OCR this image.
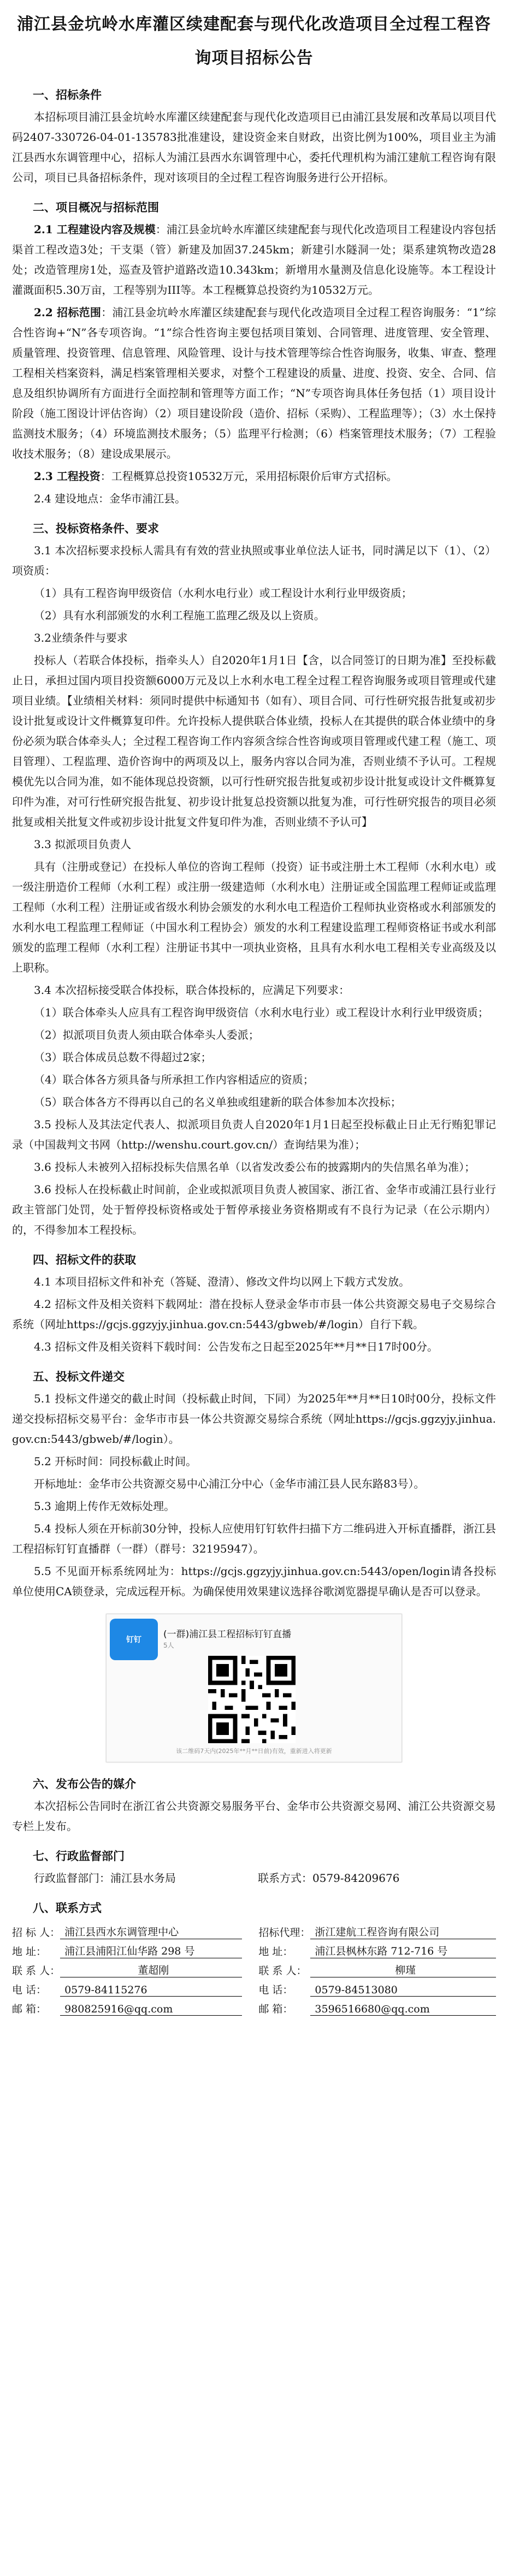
浦江县金坑岭水库灌区续建配套与现代化改造项目全过程工程咨询项目招标公告
一、招标条件

本招标项目浦江县金坑岭水库灌区续建配套与现代化改造项目已由浦江县发展和改革局以项目代码2407-330726-04-01-135783批准建设，建设资金来自财政，出资比例为100%，项目业主为浦江县西水东调管理中心，招标人为浦江县西水东调管理中心，委托代理机构为浦江建航工程咨询有限公司，项目已具备招标条件，现对该项目的全过程工程咨询服务进行公开招标。

二、项目概况与招标范围

2.1 工程建设内容及规模：浦江县金坑岭水库灌区续建配套与现代化改造项目工程建设内容包括渠首工程改造3处；干支渠（管）新建及加固37.245km；新建引水隧洞一处；渠系建筑物改造28处；改造管理房1处，巡查及管护道路改造10.343km；新增用水量测及信息化设施等。本工程设计灌溉面积5.30万亩，工程等别为III等。本工程概算总投资约为10532万元。

2.2 招标范围：浦江县金坑岭水库灌区续建配套与现代化改造项目全过程工程咨询服务：“1”综合性咨询+“N”各专项咨询。“1”综合性咨询主要包括项目策划、合同管理、进度管理、安全管理、质量管理、投资管理、信息管理、风险管理、设计与技术管理等综合性咨询服务，收集、审查、整理工程相关档案资料，满足档案管理相关要求，对整个工程建设的质量、进度、投资、安全、合同、信息及组织协调所有方面进行全面控制和管理等方面工作；“N”专项咨询具体任务包括（1）项目设计阶段（施工图设计评估咨询）（2）项目建设阶段（造价、招标（采购）、工程监理等）；（3）水土保持监测技术服务；（4）环境监测技术服务；（5）监理平行检测；（6）档案管理技术服务；（7）工程验收技术服务；（8）建设成果展示。

2.3 工程投资：工程概算总投资10532万元，采用招标限价后审方式招标。

2.4 建设地点：金华市浦江县。

三、投标资格条件、要求

3.1 本次招标要求投标人需具有有效的营业执照或事业单位法人证书，同时满足以下（1）、（2）项资质：

（1）具有工程咨询甲级资信（水利水电行业）或工程设计水利行业甲级资质；

（2）具有水利部颁发的水利工程施工监理乙级及以上资质。

3.2业绩条件与要求

投标人（若联合体投标，指牵头人）自2020年1月1日【含，以合同签订的日期为准】至投标截止日，承担过国内项目投资额6000万元及以上水利水电工程全过程工程咨询服务或项目管理或代建项目业绩。【业绩相关材料：须同时提供中标通知书（如有）、项目合同、可行性研究报告批复或初步设计批复或设计文件概算复印件。允许投标人提供联合体业绩，投标人在其提供的联合体业绩中的身份必须为联合体牵头人；全过程工程咨询工作内容须含综合性咨询或项目管理或代建工程（施工、项目管理）、工程监理、造价咨询中的两项及以上，服务内容以合同为准，否则业绩不予认可。工程规模优先以合同为准，如不能体现总投资额，以可行性研究报告批复或初步设计批复或设计文件概算复印件为准，对可行性研究报告批复、初步设计批复总投资额以批复为准，可行性研究报告的项目必须批复或相关批复文件或初步设计批复文件复印件为准，否则业绩不予认可】

3.3 拟派项目负责人

具有（注册或登记）在投标人单位的咨询工程师（投资）证书或注册土木工程师（水利水电）或一级注册造价工程师（水利工程）或注册一级建造师（水利水电）注册证或全国监理工程师证或监理工程师（水利工程）注册证或省级水利协会颁发的水利水电工程造价工程师执业资格或水利部颁发的水利水电工程监理工程师证（中国水利工程协会）颁发的水利工程建设监理工程师资格证书或水利部颁发的监理工程师（水利工程）注册证书其中一项执业资格，且具有水利水电工程相关专业高级及以上职称。

3.4 本次招标接受联合体投标，联合体投标的，应满足下列要求：

（1）联合体牵头人应具有工程咨询甲级资信（水利水电行业）或工程设计水利行业甲级资质；

（2）拟派项目负责人须由联合体牵头人委派；

（3）联合体成员总数不得超过2家；

（4）联合体各方须具备与所承担工作内容相适应的资质；

（5）联合体各方不得再以自己的名义单独或组建新的联合体参加本次投标；

3.5 投标人及其法定代表人、拟派项目负责人自2020年1月1日起至投标截止日止无行贿犯罪记录（中国裁判文书网（http://wenshu.court.gov.cn/）查询结果为准）；

3.6 投标人未被列入招标投标失信黑名单（以省发改委公布的披露期内的失信黑名单为准）；

3.6 投标人在投标截止时间前，企业或拟派项目负责人被国家、浙江省、金华市或浦江县行业行政主管部门处罚，处于暂停投标资格或处于暂停承接业务资格期或有不良行为记录（在公示期内）的，不得参加本工程投标。

四、招标文件的获取

4.1 本项目招标文件和补充（答疑、澄清）、修改文件均以网上下载方式发放。

4.2 招标文件及相关资料下载网址：潜在投标人登录金华市市县一体公共资源交易电子交易综合系统（网址https://gcjs.ggzyjy.jinhua.gov.cn:5443/gbweb/#/login）自行下载。

4.3 招标文件及相关资料下载时间：公告发布之日起至2025年**月**日17时00分。

五、投标文件递交

5.1 投标文件递交的截止时间（投标截止时间，下同）为2025年**月**日10时00分，投标文件递交投标招标交易平台：金华市市县一体公共资源交易综合系统（网址https://gcjs.ggzyjy.jinhua.gov.cn:5443/gbweb/#/login）。

5.2 开标时间：同投标截止时间。

开标地址：金华市公共资源交易中心浦江分中心（金华市浦江县人民东路83号）。

5.3 逾期上传作无效标处理。

5.4 投标人须在开标前30分钟，投标人应使用钉钉软件扫描下方二维码进入开标直播群，浙江县工程招标钉钉直播群（一群）（群号：32195947）。

5.5 不见面开标系统网址为：https://gcjs.ggzyjy.jinhua.gov.cn:5443/open/login请各投标单位使用CA锁登录，完成远程开标。为确保使用效果建议选择谷歌浏览器提早确认是否可以登录。

钉钉 (一群)浦江县工程招标钉钉直播
5人
该二维码7天内(2025年**月**日前)有效，重新进入将更新
六、发布公告的媒介

本次招标公告同时在浙江省公共资源交易服务平台、金华市公共资源交易网、浦江公共资源交易专栏上发布。

七、行政监督部门

行政监督部门：浦江县水务局	联系方式：0579-84209676

八、联系方式
招 标 人：	浦江县西水东调管理中心		招标代理：	浙江建航工程咨询有限公司
地 址：	浦江县浦阳江仙华路 298 号		地 址：	浦江县枫林东路 712-716 号
联 系 人：	董超刚		联 系 人：	柳瑾
电 话：	0579-84115276		电 话：	0579-84513080
邮 箱：	980825916@qq.com		邮 箱：	3596516680@qq.com
